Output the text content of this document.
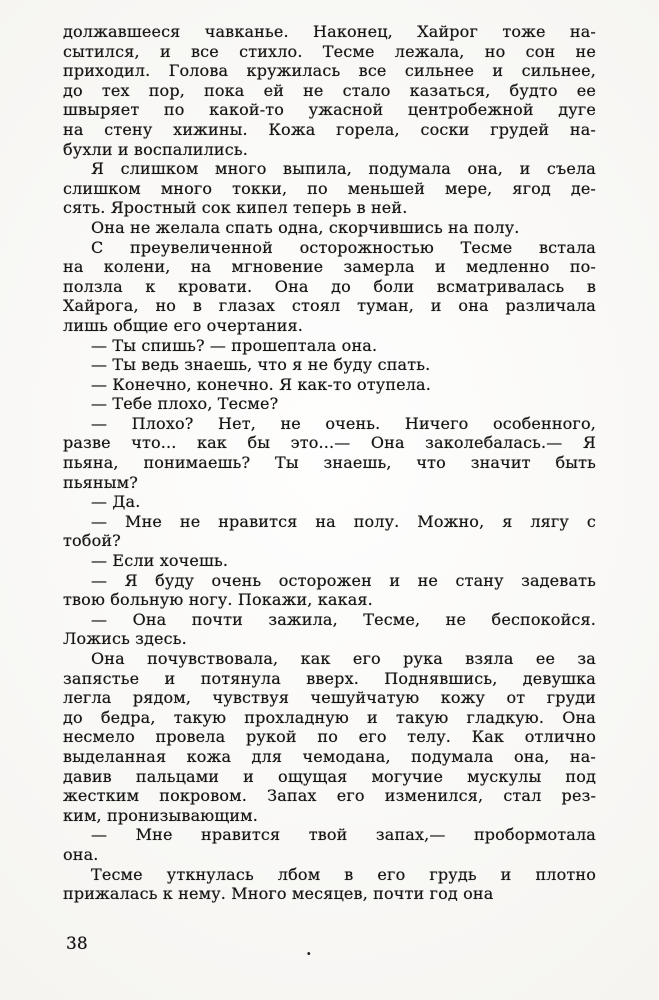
должавшееся чавканье. Наконец, Хайрог тоже на-
сытился, и все стихло. Тесме лежала, но сон не
приходил. Голова кружилась все сильнее и сильнее,
до тех пор, пока ей не стало казаться, будто ее
швыряет по какой-то ужасной центробежной дуге
на стену хижины. Кожа горела, соски грудей на-
бухли и воспалились.
Я слишком много выпила, подумала она, и съела
слишком много токки, по меньшей мере, ягод де-
сять. Яростный сок кипел теперь в ней.
Она не желала спать одна, скорчившись на полу.
С преувеличенной осторожностью Тесме встала
на колени, на мгновение замерла и медленно по-
ползла к кровати. Она до боли всматривалась в
Хайрога, но в глазах стоял туман, и она различала
лишь общие его очертания.
— Ты спишь? — прошептала она.
— Ты ведь знаешь, что я не буду спать.
— Конечно, конечно. Я как-то отупела.
— Тебе плохо, Тесме?
— Плохо? Нет, не очень. Ничего особенного,
разве что... как бы это...— Она заколебалась.— Я
пьяна, понимаешь? Ты знаешь, что значит быть
пьяным?
— Да.
— Мне не нравится на полу. Можно, я лягу с
тобой?
— Если хочешь.
— Я буду очень осторожен и не стану задевать
твою больную ногу. Покажи, какая.
— Она почти зажила, Тесме, не беспокойся.
Ложись здесь.
Она почувствовала, как его рука взяла ее за
запястье и потянула вверх. Поднявшись, девушка
легла рядом, чувствуя чешуйчатую кожу от груди
до бедра, такую прохладную и такую гладкую. Она
несмело провела рукой по его телу. Как отлично
выделанная кожа для чемодана, подумала она, на-
давив пальцами и ощущая могучие мускулы под
жестким покровом. Запах его изменился, стал рез-
ким, пронизывающим.
— Мне нравится твой запах,— пробормотала
она.
Тесме уткнулась лбом в его грудь и плотно
прижалась к нему. Много месяцев, почти год она
38	.
